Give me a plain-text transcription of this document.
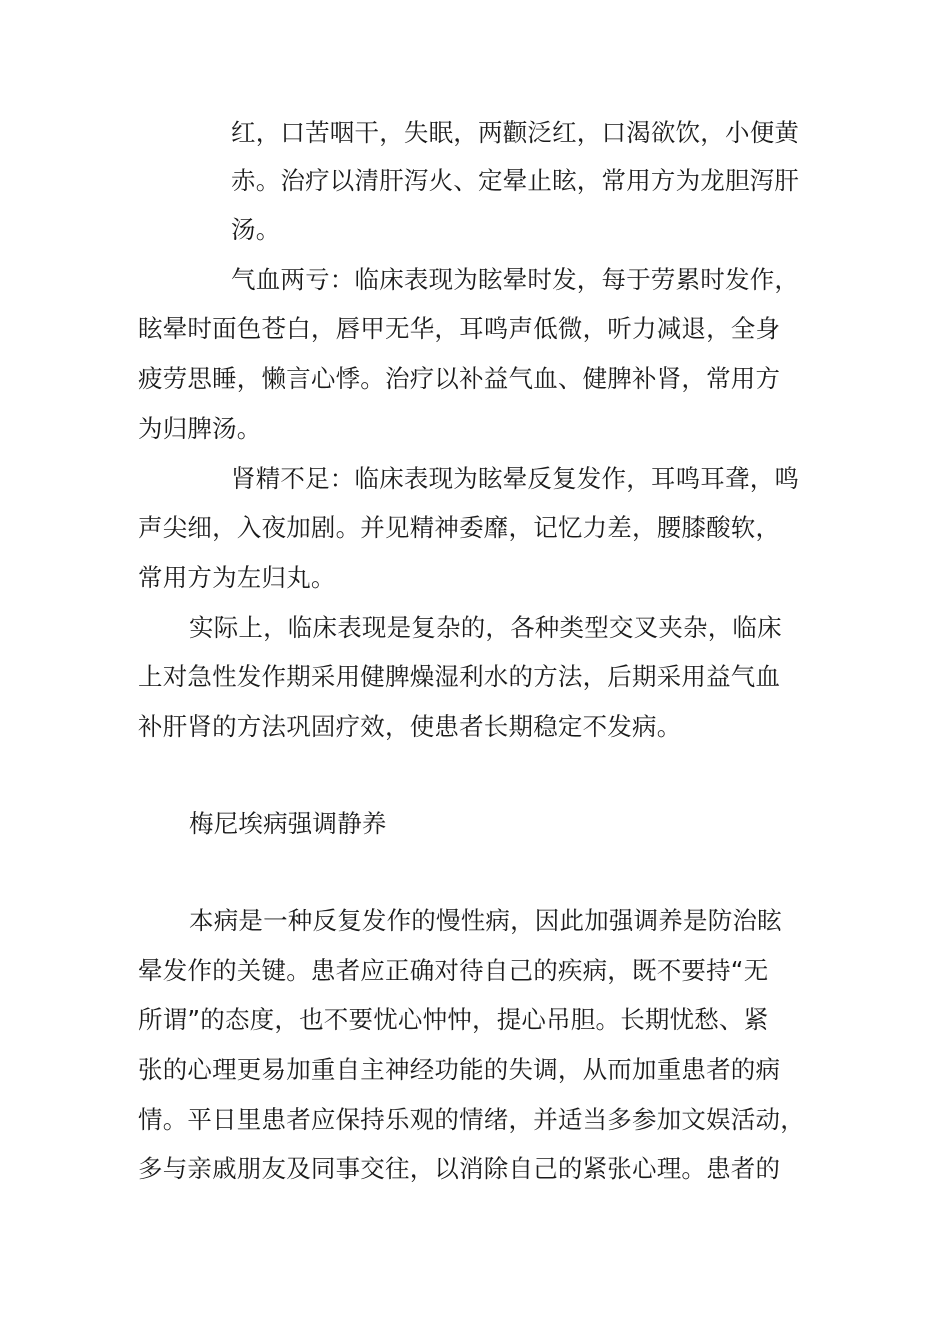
红，口苦咽干，失眠，两颧泛红，口渴欲饮，小便黄
赤。治疗以清肝泻火、定晕止眩，常用方为龙胆泻肝
汤。
气血两亏：临床表现为眩晕时发，每于劳累时发作，
眩晕时面色苍白，唇甲无华，耳鸣声低微，听力减退，全身
疲劳思睡，懒言心悸。治疗以补益气血、健脾补肾，常用方
为归脾汤。
肾精不足：临床表现为眩晕反复发作，耳鸣耳聋，鸣
声尖细，入夜加剧。并见精神委靡，记忆力差，腰膝酸软，
常用方为左归丸。
实际上，临床表现是复杂的，各种类型交叉夹杂，临床
上对急性发作期采用健脾燥湿利水的方法，后期采用益气血
补肝肾的方法巩固疗效，使患者长期稳定不发病。
梅尼埃病强调静养
本病是一种反复发作的慢性病，因此加强调养是防治眩
晕发作的关键。患者应正确对待自己的疾病，既不要持“无
所谓”的态度，也不要忧心忡忡，提心吊胆。长期忧愁、紧
张的心理更易加重自主神经功能的失调，从而加重患者的病
情。平日里患者应保持乐观的情绪，并适当多参加文娱活动，
多与亲戚朋友及同事交往，以消除自己的紧张心理。患者的
